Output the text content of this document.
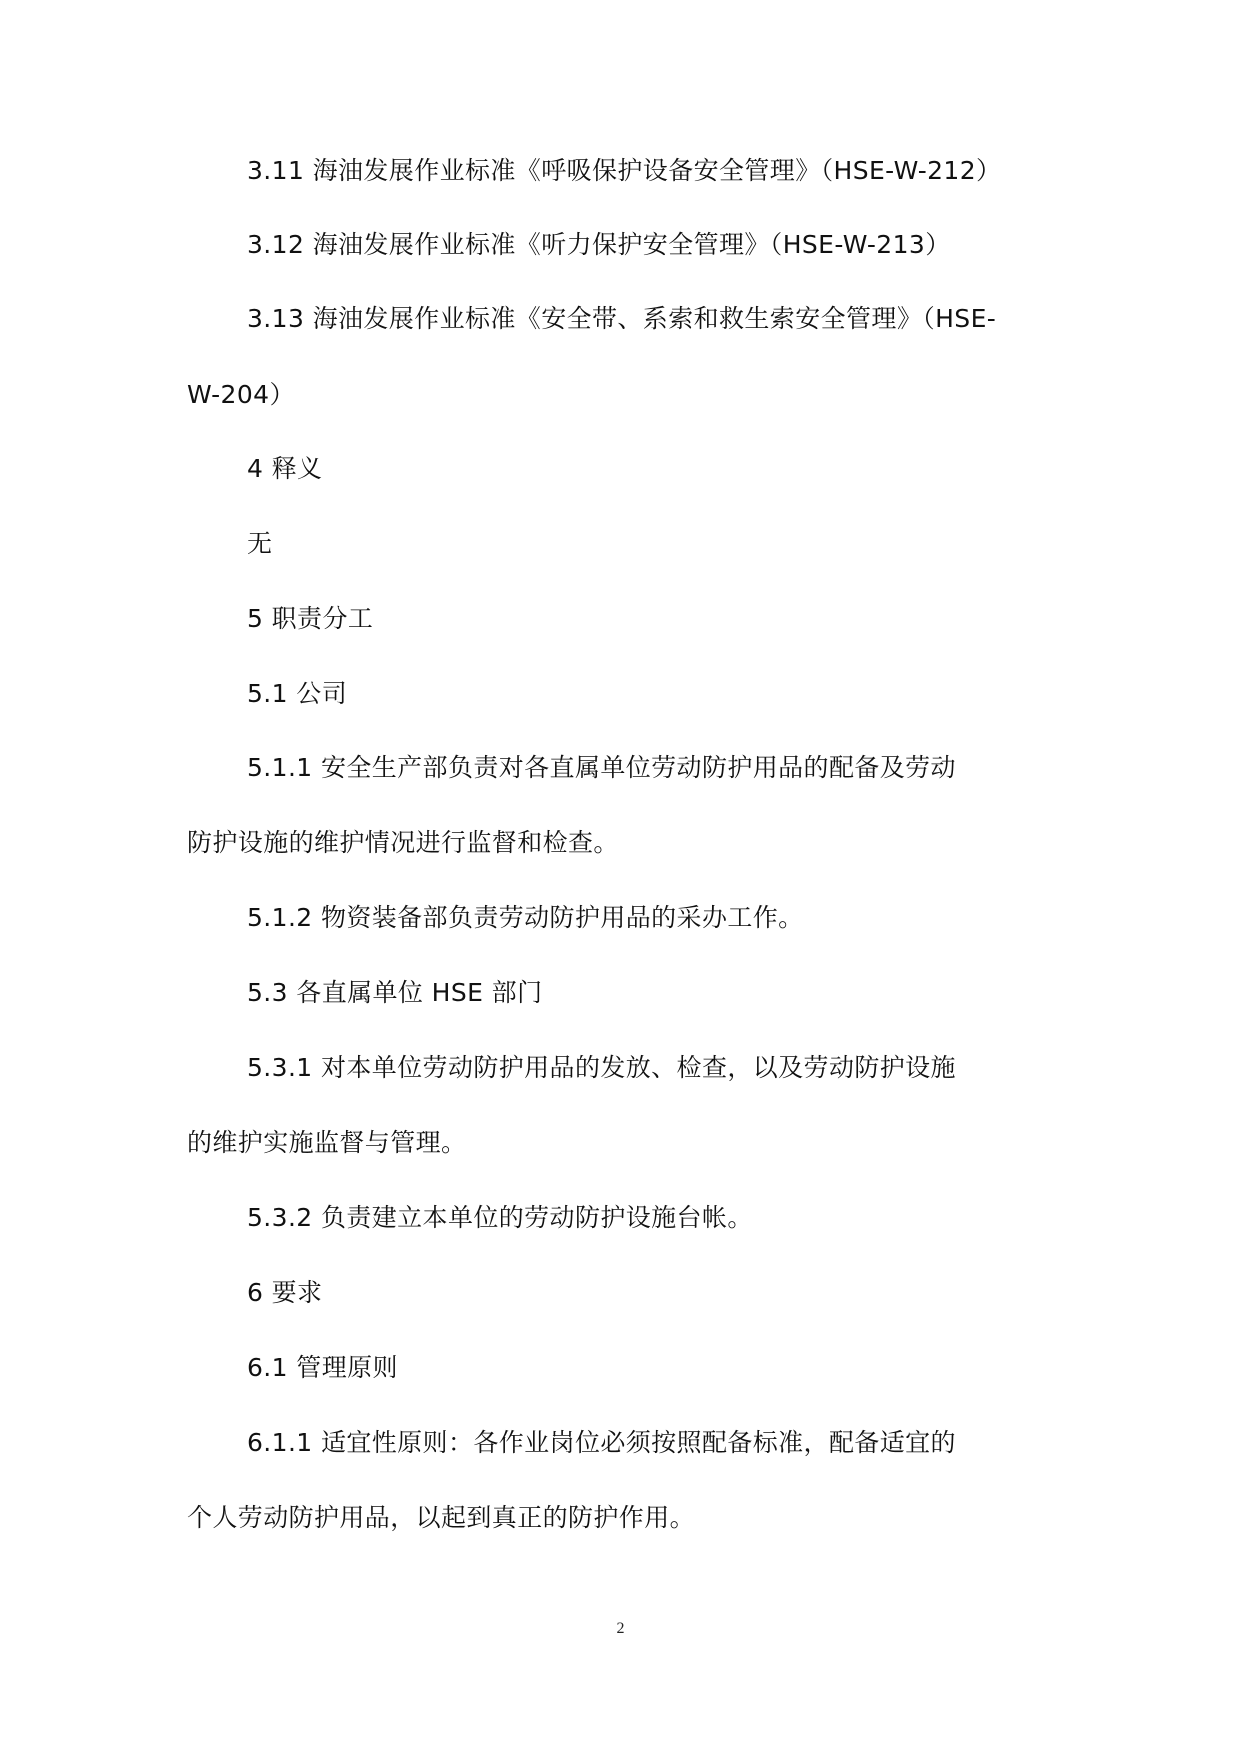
3.11 海油发展作业标准《呼吸保护设备安全管理》（HSE-W-212）
3.12 海油发展作业标准《听力保护安全管理》（HSE-W-213）
3.13 海油发展作业标准《安全带、系索和救生索安全管理》（HSE-
W-204）
4 释义
无
5 职责分工
5.1 公司
5.1.1 安全生产部负责对各直属单位劳动防护用品的配备及劳动
防护设施的维护情况进行监督和检查。
5.1.2 物资装备部负责劳动防护用品的采办工作。
5.3 各直属单位 HSE 部门
5.3.1 对本单位劳动防护用品的发放、检查，以及劳动防护设施
的维护实施监督与管理。
5.3.2 负责建立本单位的劳动防护设施台帐。
6 要求
6.1 管理原则
6.1.1 适宜性原则：各作业岗位必须按照配备标准，配备适宜的
个人劳动防护用品，以起到真正的防护作用。
2
